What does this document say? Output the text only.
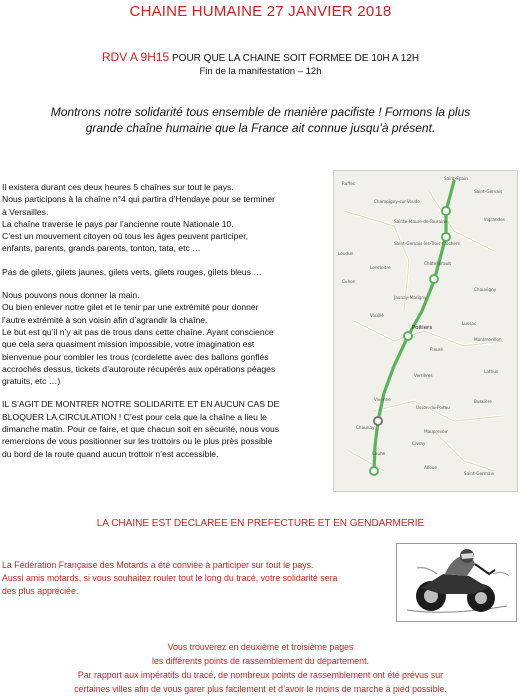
CHAINE HUMAINE 27 JANVIER 2018
RDV A 9H15 POUR QUE LA CHAINE SOIT FORMEE DE 10H A 12H
Fin de la manifestation – 12h
Montrons notre solidarité tous ensemble de manière pacifiste ! Formons la plus
grande chaîne humaine que la France ait connue jusqu’à présent.

Il existera durant ces deux heures 5 chaînes sur tout le pays.
Nous participons à la chaîne n°4 qui partira d’Hendaye pour se terminer
à Versailles.
La chaîne traverse le pays par l’ancienne route Nationale 10.
C’est un mouvement citoyen où tous les âges peuvent participer,
enfants, parents, grands parents, tonton, tata, etc …

Pas de gilets, gilets jaunes, gilets verts, gilets rouges, gilets bleus …

Nous pouvons nous donner la main.
Ou bien enlever notre gilet et le tenir par une extrémité pour donner
l’autre extrémité à son voisin afin d’agrandir la chaîne.
Le but est qu’il n’y ait pas de trous dans cette chaîne. Ayant conscience
que cela sera quasiment mission impossible, votre imagination est
bienvenue pour combler les trous (cordelette avec des ballons gonflés
accrochés dessus, tickets d’autoroute récupérés aux opérations péages
gratuits, etc …)

IL S’AGIT DE MONTRER NOTRE SOLIDARITE ET EN AUCUN CAS DE
BLOQUER LA CIRCULATION ! C’est pour cela que la chaîne a lieu le
dimanche matin. Pour ce faire, et que chacun soit en sécurité, nous vous
remercions de vous positionner sur les trottoirs ou le plus près possible
du bord de la route quand aucun trottoir n’est accessible.

Ruffec
Saint-Epain
Champigny-sur-Veude
Sainte-Maure-de-Touraine
Saint-Gervais-les-Trois-Clochers
Châtellerault
Loudun
Lencloitre
Cuhon
Jaunay-Marigny
Vouillé
Poitiers
Lussac
Vivonne
Chaunay
Civray
Couhe
Saint-Gervais
Ingrandes
Chauvigny
Fleuré
Montmorillon
Lathus
Bussière
Verrières
Usson-du-Poitou
Mauprevoir
Alloue
Saint-Germain
LA CHAINE EST DECLAREE EN PREFECTURE ET EN GENDARMERIE
La Fédération Française des Motards a été conviée à participer sur tout le pays.
Aussi amis motards, si vous souhaitez rouler tout le long du tracé, votre solidarité sera
des plus appréciée.
Vous trouverez en deuxième et troisième pages
les différents points de rassemblement du département.
Par rapport aux impératifs du tracé, de nombreux points de rassemblement ont été prévus sur
certaines villes afin de vous garer plus facilement et d’avoir le moins de marche à pied possible.
